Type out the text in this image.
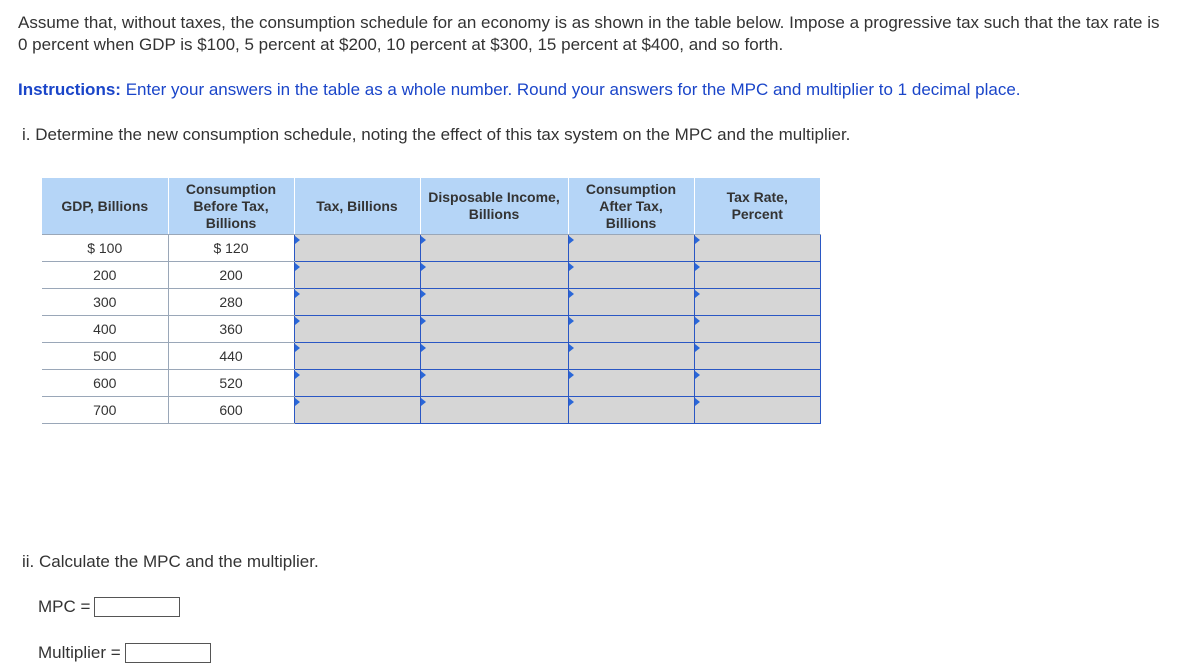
Assume that, without taxes, the consumption schedule for an economy is as shown in the table below. Impose a progressive tax such that the tax rate is 0 percent when GDP is $100, 5 percent at $200, 10 percent at $300, 15 percent at $400, and so forth.

Instructions: Enter your answers in the table as a whole number. Round your answers for the MPC and multiplier to 1 decimal place.

i. Determine the new consumption schedule, noting the effect of this tax system on the MPC and the multiplier.

GDP, Billions	Consumption Before Tax, Billions	Tax, Billions	Disposable Income, Billions	Consumption After Tax, Billions	Tax Rate, Percent
$ 100	$ 120	

200	200	

300	280	

400	360	

500	440	

600	520	

700	600	

ii. Calculate the MPC and the multiplier.

MPC =
Multiplier =
